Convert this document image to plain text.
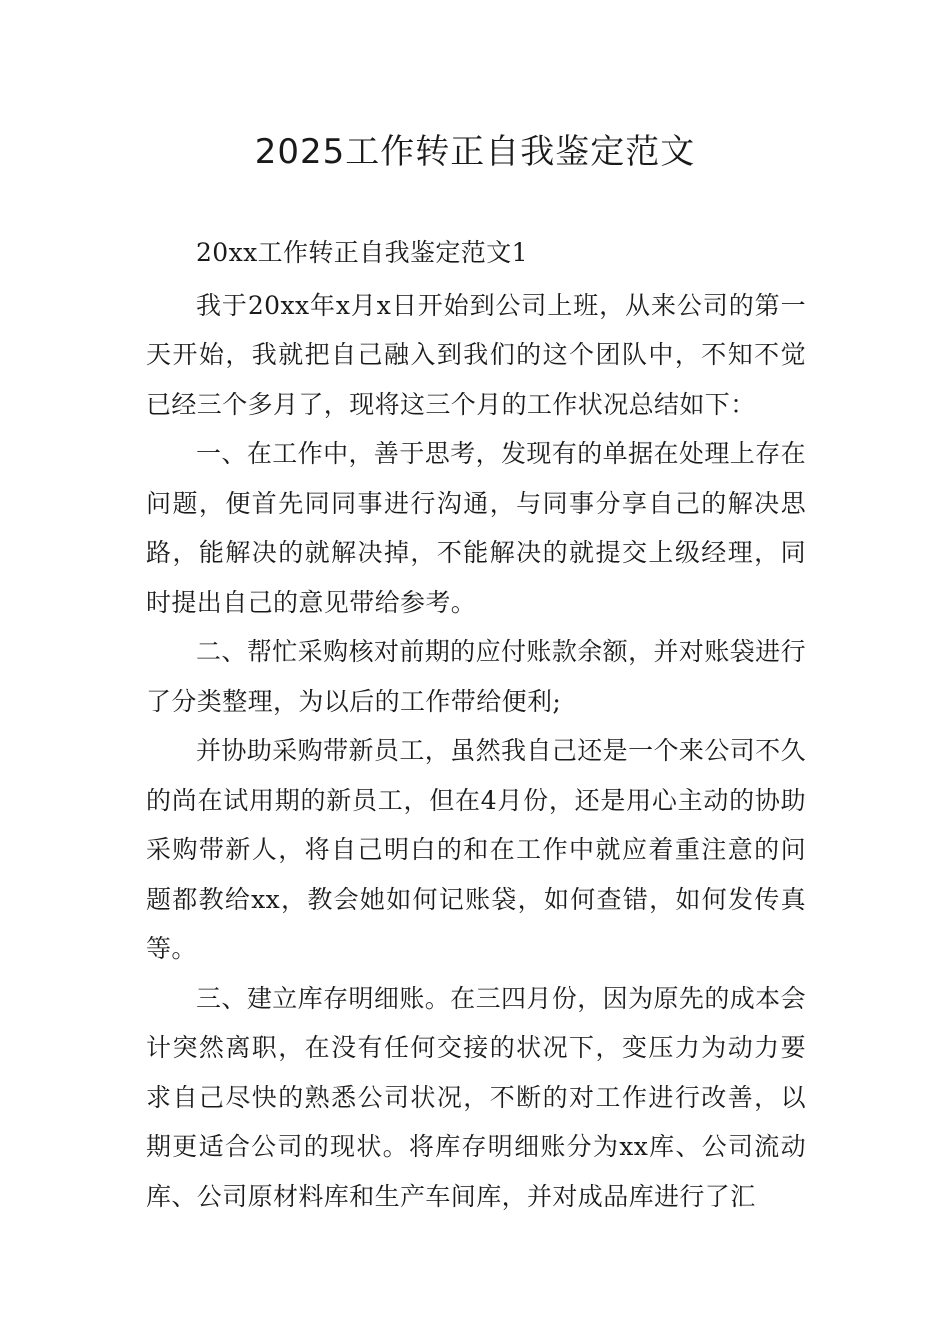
2025工作转正自我鉴定范文

20xx工作转正自我鉴定范文1

我于20xx年x月x日开始到公司上班，从来公司的第一天开始，我就把自己融入到我们的这个团队中，不知不觉已经三个多月了，现将这三个月的工作状况总结如下：

一、在工作中，善于思考，发现有的单据在处理上存在问题，便首先同同事进行沟通，与同事分享自己的解决思路，能解决的就解决掉，不能解决的就提交上级经理，同时提出自己的意见带给参考。

二、帮忙采购核对前期的应付账款余额，并对账袋进行了分类整理，为以后的工作带给便利;

并协助采购带新员工，虽然我自己还是一个来公司不久的尚在试用期的新员工，但在4月份，还是用心主动的协助采购带新人，将自己明白的和在工作中就应着重注意的问题都教给xx，教会她如何记账袋，如何查错，如何发传真等。

三、建立库存明细账。在三四月份，因为原先的成本会计突然离职，在没有任何交接的状况下，变压力为动力要求自己尽快的熟悉公司状况，不断的对工作进行改善，以期更适合公司的现状。将库存明细账分为xx库、公司流动库、公司原材料库和生产车间库，并对成品库进行了汇
